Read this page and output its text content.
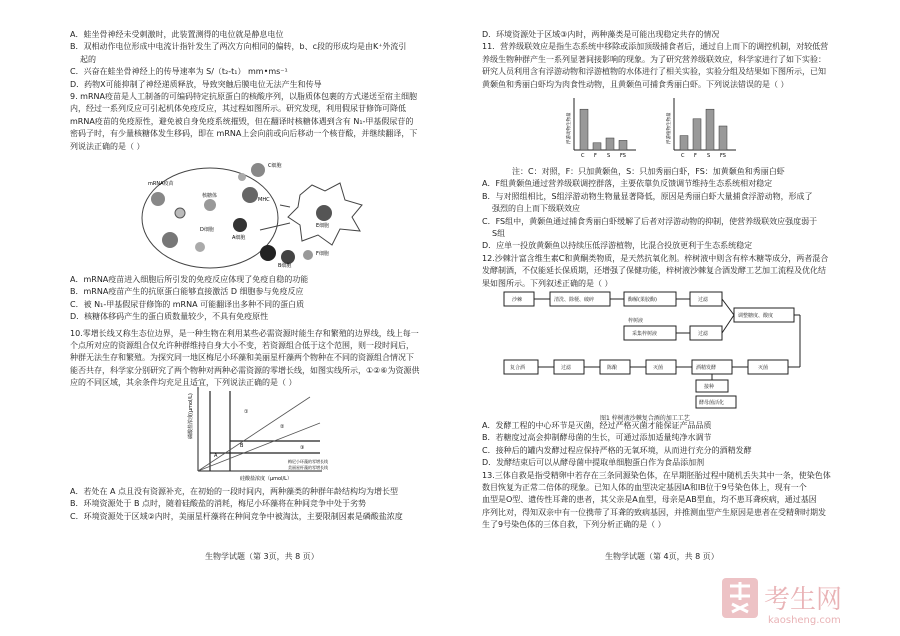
A．蛙坐骨神经未受刺激时，此装置测得的电位就是静息电位

B．双相动作电位形成中电流计指针发生了两次方向相同的偏转，b、c段的形成均是由K⁺外流引

起的

C．兴奋在蛙坐骨神经上的传导速率为 S/（t₂-t₁） mm•ms⁻¹

D．药物X可能抑制了神经递质释放，导致突触后膜电位无法产生和传导

9. mRNA疫苗是人工制备的可编码特定抗原蛋白的核酸序列，以脂质体包裹的方式递送至宿主细胞

内，经过一系列反应可引起机体免疫反应，其过程如图所示。研究发现，利用假尿苷修饰可降低

mRNA疫苗的免疫原性，避免被自身免疫系统摧毁，但在翻译时核糖体遇到含有 N₁-甲基假尿苷的

密码子时，有少量核糖体发生移码，即在 mRNA上会向前或向后移动一个核苷酸，并继续翻译，下

列说法正确的是（ ）

mRNA疫苗
核糖体
A细胞
MHC
C细胞
E细胞
B细胞
F细胞
D细胞

A．mRNA疫苗进入细胞后所引发的免疫反应体现了免疫自稳的功能

B．mRNA疫苗产生的抗原蛋白能够直接激活 D 细胞参与免疫反应

C．被 N₁-甲基假尿苷修饰的 mRNA 可能翻译出多种不同的蛋白质

D．核糖体移码产生的蛋白质数量较少，不具有免疫原性

10.零增长线又称生态位边界，是一种生物在利用某些必需资源时能生存和繁殖的边界线，线上每一

个点所对应的资源组合仅允许种群维持自身大小不变，若资源组合低于这个范围，则一段时间后，

种群无法生存和繁殖。为探究同一地区梅尼小环藻和美丽星杆藻两个物种在不同的资源组合情况下

能否共存，科学家分别研究了两个物种对两种必需资源的零增长线，如图实线所示，①②⑥为资源供

应的不同区域，其余条件均充足且适宜，下列说法正确的是（ ）

磷酸盐浓度(µmol/L)
硅酸盐浓度（µmol/L）
A
B
①
②
③
梅尼小环藻的零增长线
美丽星杆藻的零增长线

A．若处在 A 点且没有资源补充，在初始的一段时间内，两种藻类的种群年龄结构均为增长型

B．环境资源处于 B 点时，随着硅酸盐的消耗，梅尼小环藻将在种间竞争中处于劣势

C．环境资源处于区域②内时，美丽星杆藻将在种间竞争中被淘汰，主要限制因素是磷酸盐浓度

生物学试题（第 3页，共 8 页）

D．环境资源处于区域③内时，两种藻类是可能出现稳定共存的情况

11．营养级联效应是指生态系统中移除或添加顶级捕食者后，通过自上而下的调控机制，对较低营

养级生物种群产生一系列显著间接影响的现象。为了研究营养级联效应，科学家进行了如下实验：

研究人员利用含有浮游动物和浮游植物的水体进行了相关实验，实验分组及结果如下图所示，已知

黄颡鱼和秀丽白虾均为肉食性动物，且黄颡鱼可捕食秀丽白虾。下列说法错误的是（ ）

浮游动物生物量
C F S FS
浮游植物生物量
C F S FS

注：C：对照，F：只加黄颡鱼，S：只加秀丽白虾，FS：加黄颡鱼和秀丽白虾

A．F组黄颡鱼通过营养级联调控群落，主要依靠负反馈调节维持生态系统相对稳定

B．与对照组相比，S组浮游动物生物量显著降低，原因是秀丽白虾大量捕食浮游动物，形成了

强烈的自上而下级联效应

C．FS组中，黄颡鱼通过捕食秀丽白虾缓解了后者对浮游动物的抑制，使营养级联效应强度弱于

S组

D．应单一投放黄颡鱼以持续压低浮游植物，比混合投放更利于生态系统稳定

12.沙棘汁富含维生素C和黄酮类物质，是天然抗氧化剂。梓树液中则含有梓木糖等成分，两者混合

发酵制酒，不仅能延长保质期，还增强了保健功能，梓树液沙棘复合酒发酵工艺加工流程及优化结

果如图所示。下列叙述正确的是（ ）

沙棘	清洗、除梗、破碎	酶解(果胶酶)	过滤
采集梓树液	过滤
梓树液
调整糖度、酸度
复合酒	过滤	陈酿	灭菌	酒精发酵	灭菌
接种
酵母菌活化
图1 梓树液沙棘复合酒的加工工艺

A．发酵工程的中心环节是灭菌，经过严格灭菌才能保证产品品质

B．若糖度过高会抑制酵母菌的生长，可通过添加适量纯净水调节

C．接种后的罐内发酵过程应保持严格的无氧环境，从而进行充分的酒精发酵

D．发酵结束后可以从酵母菌中提取单细胞蛋白作为食品添加剂

13.三体自救是指受精卵中若存在三条同源染色体，在早期胚胎过程中随机丢失其中一条，使染色体

数目恢复为正常二倍体的现象。已知人体的血型决定基因IA和IB位于9号染色体上，现有一个

血型是O型、遗传性耳聋的患者，其父亲是A血型，母亲是AB型血，均不患耳聋疾病，通过基因

序列比对，得知双亲中有一位携带了耳聋的致病基因，并推测血型产生原因是患者在受精卵时期发

生了9号染色体的三体自救，下列分析正确的是（ ）

生物学试题（第 4页，共 8 页）
考生网
kaosheng.com
